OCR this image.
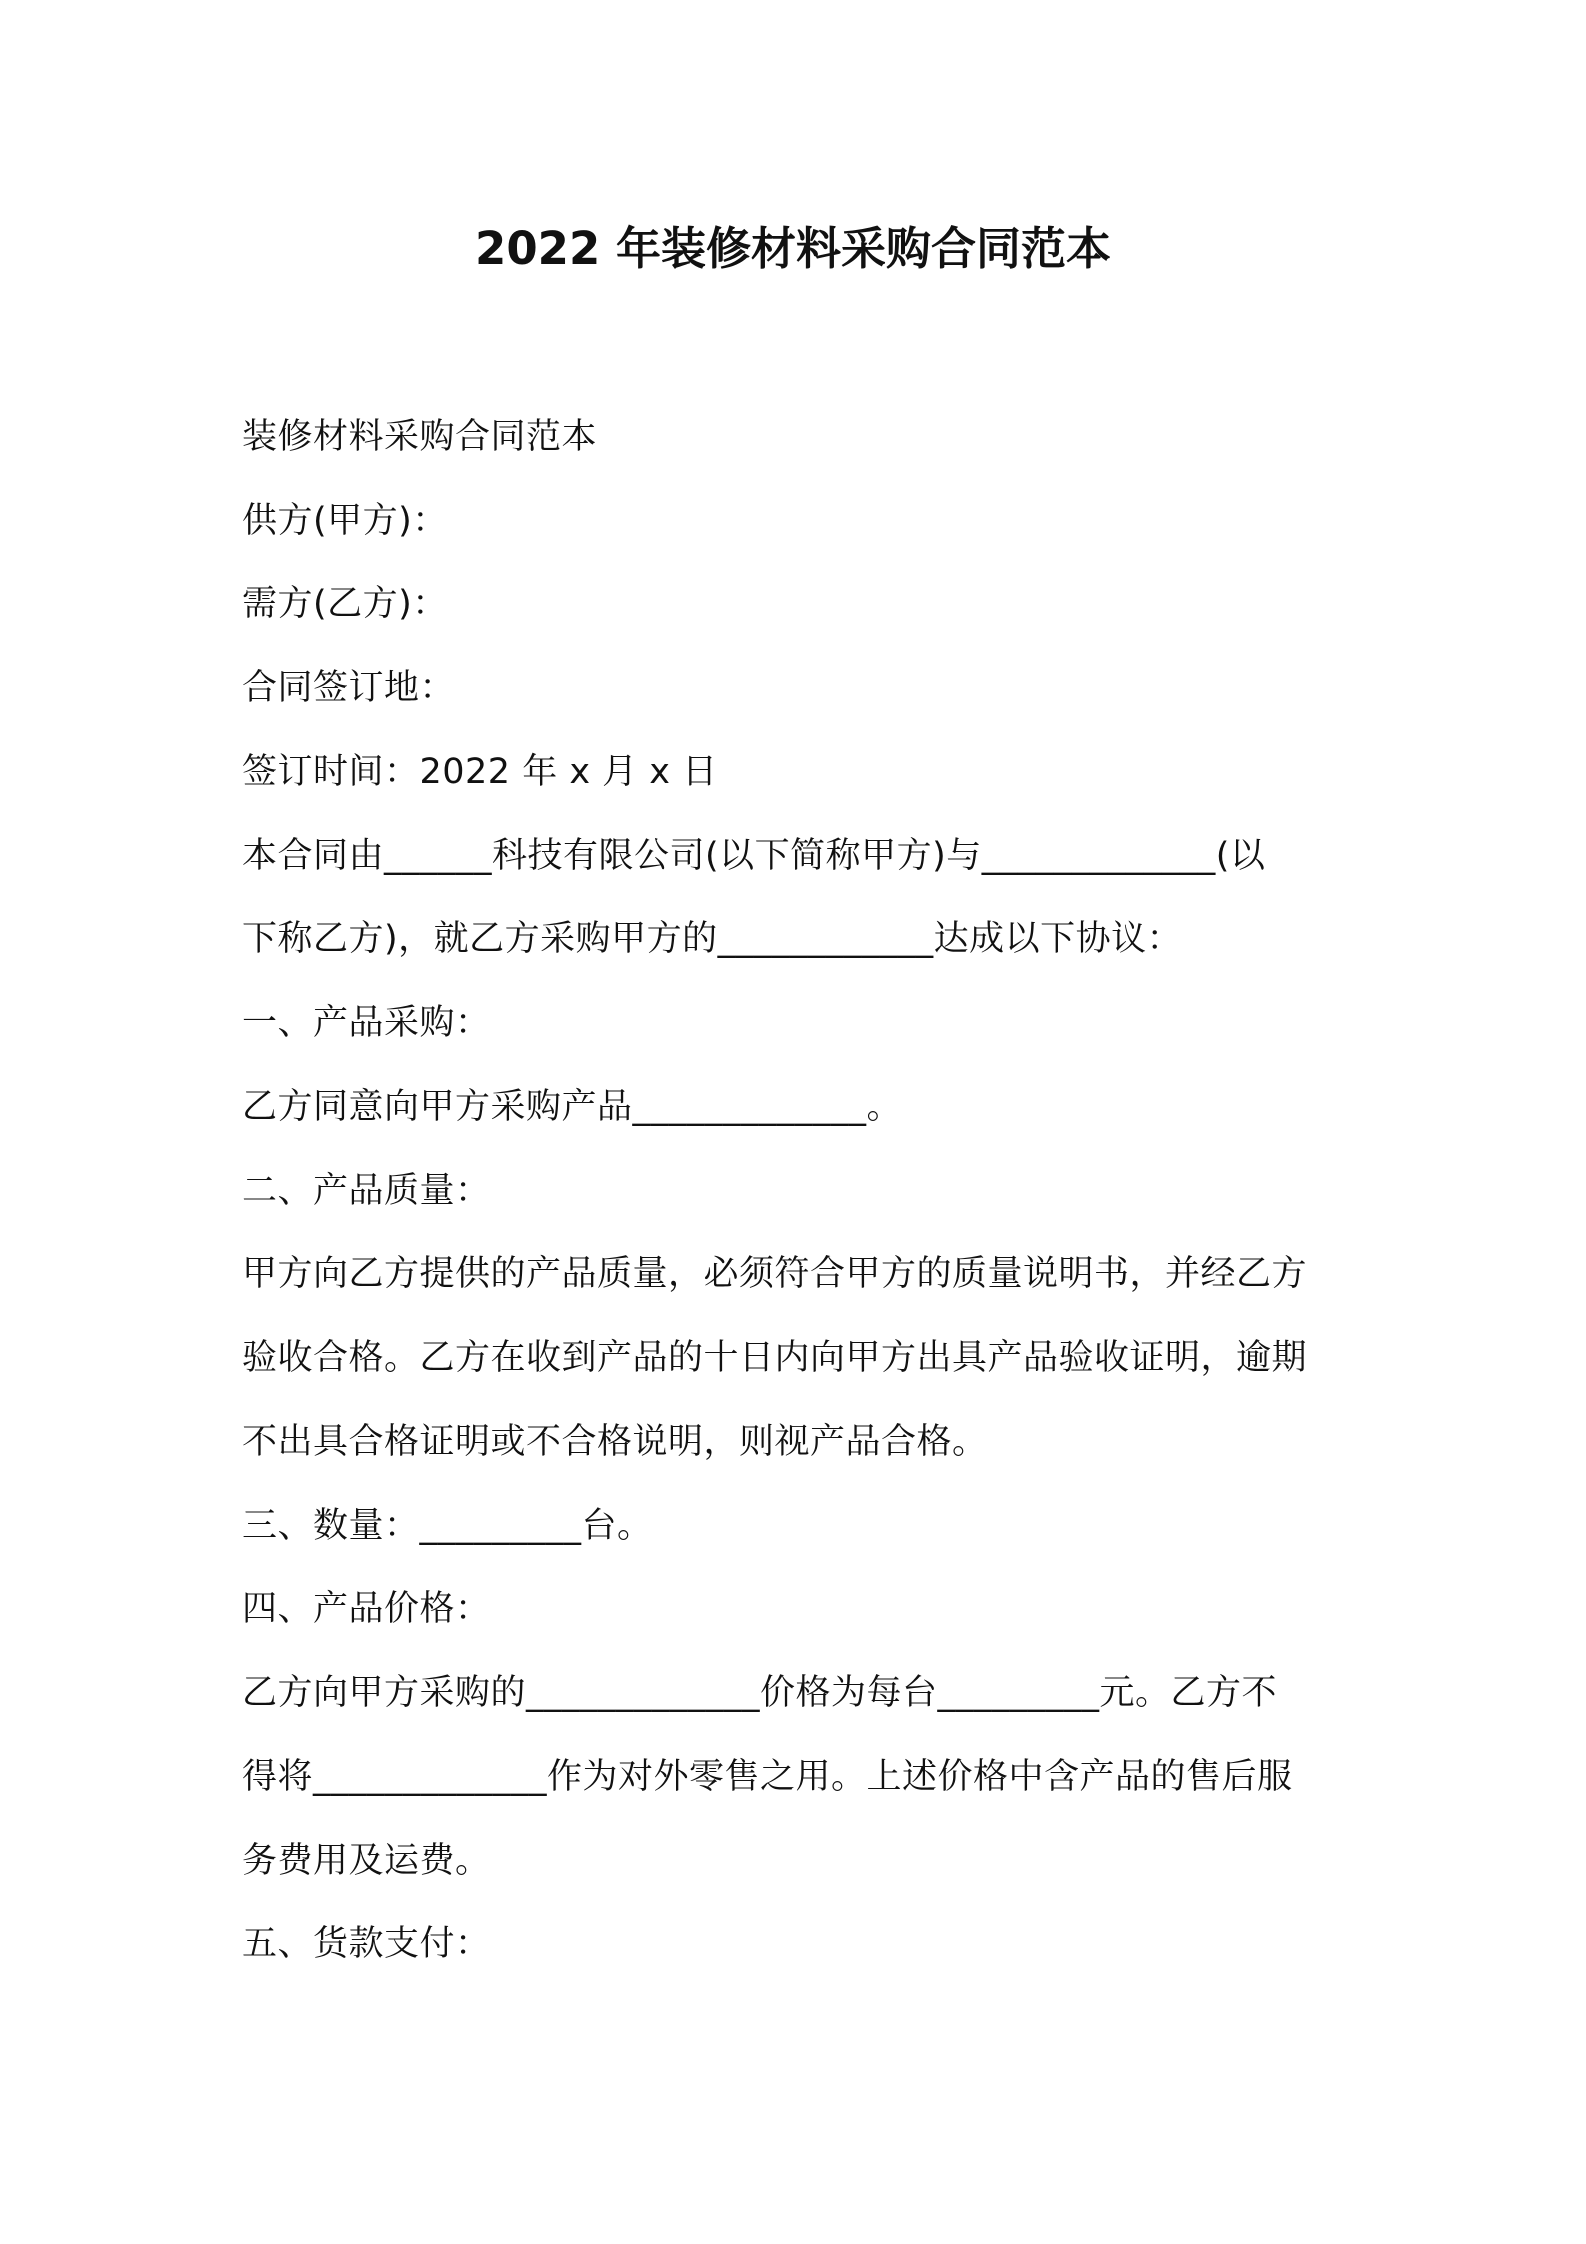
2022 年装修材料采购合同范本
装修材料采购合同范本
供方(甲方)：
需方(乙方)：
合同签订地：
签订时间：2022 年 x 月 x 日
本合同由______科技有限公司(以下简称甲方)与_____________(以
下称乙方)，就乙方采购甲方的____________达成以下协议：
一、产品采购：
乙方同意向甲方采购产品_____________。
二、产品质量：
甲方向乙方提供的产品质量，必须符合甲方的质量说明书，并经乙方
验收合格。乙方在收到产品的十日内向甲方出具产品验收证明，逾期
不出具合格证明或不合格说明，则视产品合格。
三、数量：_________台。
四、产品价格：
乙方向甲方采购的_____________价格为每台_________元。乙方不
得将_____________作为对外零售之用。上述价格中含产品的售后服
务费用及运费。
五、货款支付：
